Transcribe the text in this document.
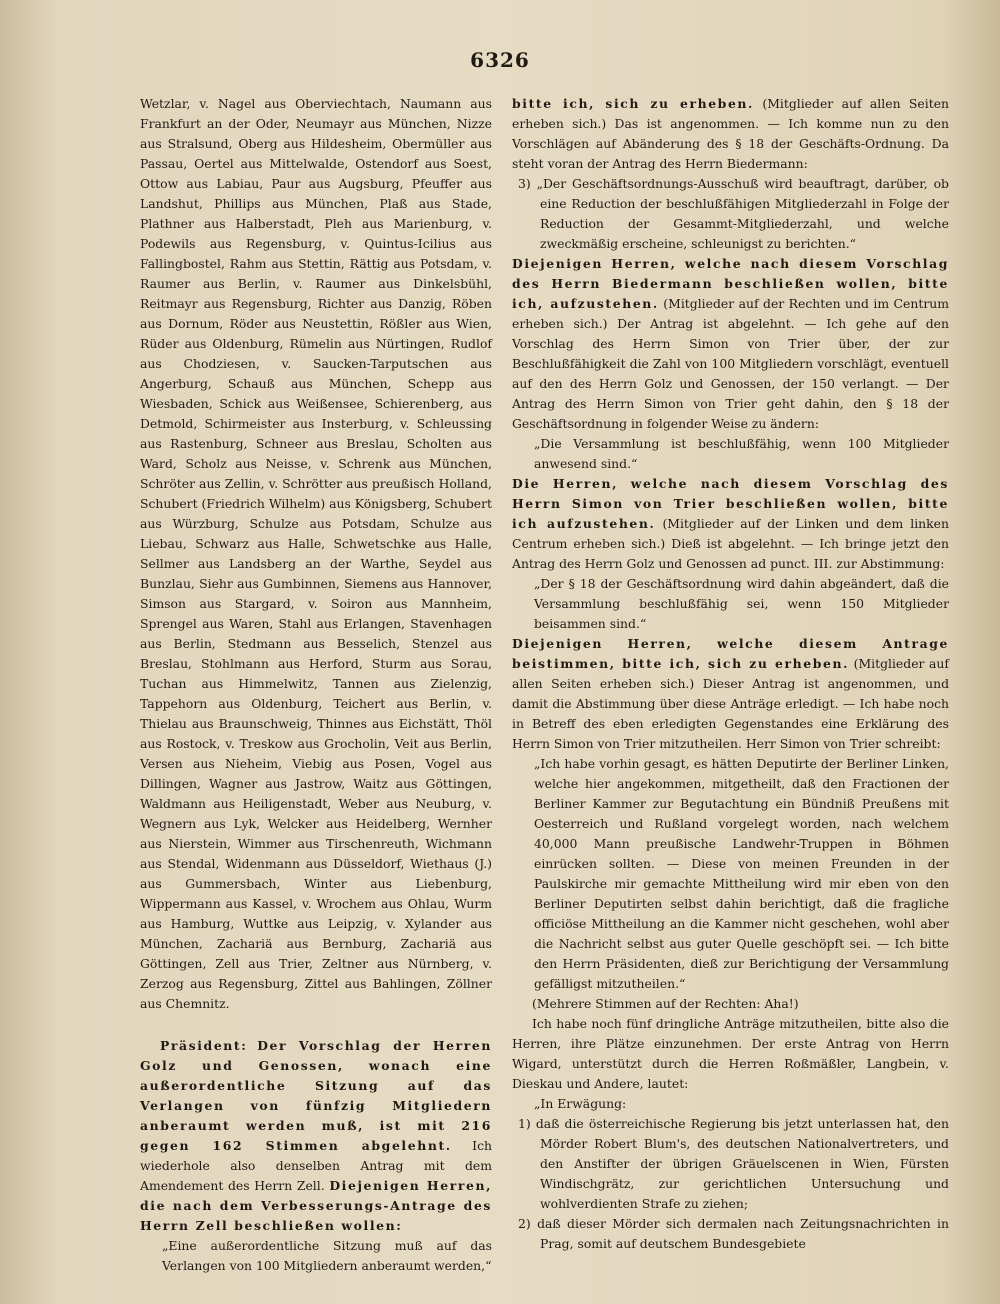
6326

Wetzlar, v. Nagel aus Oberviechtach, Naumann aus Frankfurt an der Oder, Neumayr aus München, Nizze aus Stralsund, Oberg aus Hildesheim, Obermüller aus Passau, Oertel aus Mittelwalde, Ostendorf aus Soest, Ottow aus Labiau, Paur aus Augsburg, Pfeuffer aus Landshut, Phillips aus München, Plaß aus Stade, Plathner aus Halberstadt, Pleh aus Marienburg, v. Podewils aus Regensburg, v. Quintus-Icilius aus Fallingbostel, Rahm aus Stettin, Rättig aus Potsdam, v. Raumer aus Berlin, v. Raumer aus Dinkelsbühl, Reitmayr aus Regensburg, Richter aus Danzig, Röben aus Dornum, Röder aus Neustettin, Rößler aus Wien, Rüder aus Oldenburg, Rümelin aus Nürtingen, Rudlof aus Chodziesen, v. Saucken-Tarputschen aus Angerburg, Schauß aus München, Schepp aus Wiesbaden, Schick aus Weißensee, Schierenberg, aus Detmold, Schirmeister aus Insterburg, v. Schleussing aus Rastenburg, Schneer aus Breslau, Scholten aus Ward, Scholz aus Neisse, v. Schrenk aus München, Schröter aus Zellin, v. Schrötter aus preußisch Holland, Schubert (Friedrich Wilhelm) aus Königsberg, Schubert aus Würzburg, Schulze aus Potsdam, Schulze aus Liebau, Schwarz aus Halle, Schwetschke aus Halle, Sellmer aus Landsberg an der Warthe, Seydel aus Bunzlau, Siehr aus Gumbinnen, Siemens aus Hannover, Simson aus Stargard, v. Soiron aus Mannheim, Sprengel aus Waren, Stahl aus Erlangen, Stavenhagen aus Berlin, Stedmann aus Besselich, Stenzel aus Breslau, Stohlmann aus Herford, Sturm aus Sorau, Tuchan aus Himmelwitz, Tannen aus Zielenzig, Tappehorn aus Oldenburg, Teichert aus Berlin, v. Thielau aus Braunschweig, Thinnes aus Eichstätt, Thöl aus Rostock, v. Treskow aus Grocholin, Veit aus Berlin, Versen aus Nieheim, Viebig aus Posen, Vogel aus Dillingen, Wagner aus Jastrow, Waitz aus Göttingen, Waldmann aus Heiligenstadt, Weber aus Neuburg, v. Wegnern aus Lyk, Welcker aus Heidelberg, Wernher aus Nierstein, Wimmer aus Tirschenreuth, Wichmann aus Stendal, Widenmann aus Düsseldorf, Wiethaus (J.) aus Gummersbach, Winter aus Liebenburg, Wippermann aus Kassel, v. Wrochem aus Ohlau, Wurm aus Hamburg, Wuttke aus Leipzig, v. Xylander aus München, Zachariä aus Bernburg, Zachariä aus Göttingen, Zell aus Trier, Zeltner aus Nürnberg, v. Zerzog aus Regensburg, Zittel aus Bahlingen, Zöllner aus Chemnitz.

Präsident: Der Vorschlag der Herren Golz und Genossen, wonach eine außerordentliche Sitzung auf das Verlangen von fünfzig Mitgliedern anberaumt werden muß, ist mit 216 gegen 162 Stimmen abgelehnt. Ich wiederhole also denselben Antrag mit dem Amendement des Herrn Zell. Diejenigen Herren, die nach dem Verbesserungs-Antrage des Herrn Zell beschließen wollen:

„Eine außerordentliche Sitzung muß auf das Verlangen von 100 Mitgliedern anberaumt werden,“

bitte ich, sich zu erheben. (Mitglieder auf allen Seiten erheben sich.) Das ist angenommen. — Ich komme nun zu den Vorschlägen auf Abänderung des § 18 der Geschäfts-Ordnung. Da steht voran der Antrag des Herrn Biedermann:

3) „Der Geschäftsordnungs-Ausschuß wird beauftragt, darüber, ob eine Reduction der beschlußfähigen Mitgliederzahl in Folge der Reduction der Gesammt-Mitgliederzahl, und welche zweckmäßig erscheine, schleunigst zu berichten.“

Diejenigen Herren, welche nach diesem Vorschlag des Herrn Biedermann beschließen wollen, bitte ich, aufzustehen. (Mitglieder auf der Rechten und im Centrum erheben sich.) Der Antrag ist abgelehnt. — Ich gehe auf den Vorschlag des Herrn Simon von Trier über, der zur Beschlußfähigkeit die Zahl von 100 Mitgliedern vorschlägt, eventuell auf den des Herrn Golz und Genossen, der 150 verlangt. — Der Antrag des Herrn Simon von Trier geht dahin, den § 18 der Geschäftsordnung in folgender Weise zu ändern:

„Die Versammlung ist beschlußfähig, wenn 100 Mitglieder anwesend sind.“

Die Herren, welche nach diesem Vorschlag des Herrn Simon von Trier beschließen wollen, bitte ich aufzustehen. (Mitglieder auf der Linken und dem linken Centrum erheben sich.) Dieß ist abgelehnt. — Ich bringe jetzt den Antrag des Herrn Golz und Genossen ad punct. III. zur Abstimmung:

„Der § 18 der Geschäftsordnung wird dahin abgeändert, daß die Versammlung beschlußfähig sei, wenn 150 Mitglieder beisammen sind.“

Diejenigen Herren, welche diesem Antrage beistimmen, bitte ich, sich zu erheben. (Mitglieder auf allen Seiten erheben sich.) Dieser Antrag ist angenommen, und damit die Abstimmung über diese Anträge erledigt. — Ich habe noch in Betreff des eben erledigten Gegenstandes eine Erklärung des Herrn Simon von Trier mitzutheilen. Herr Simon von Trier schreibt:

„Ich habe vorhin gesagt, es hätten Deputirte der Berliner Linken, welche hier angekommen, mitgetheilt, daß den Fractionen der Berliner Kammer zur Begutachtung ein Bündniß Preußens mit Oesterreich und Rußland vorgelegt worden, nach welchem 40,000 Mann preußische Landwehr-Truppen in Böhmen einrücken sollten. — Diese von meinen Freunden in der Paulskirche mir gemachte Mittheilung wird mir eben von den Berliner Deputirten selbst dahin berichtigt, daß die fragliche officiöse Mittheilung an die Kammer nicht geschehen, wohl aber die Nachricht selbst aus guter Quelle geschöpft sei. — Ich bitte den Herrn Präsidenten, dieß zur Berichtigung der Versammlung gefälligst mitzutheilen.“

(Mehrere Stimmen auf der Rechten: Aha!)

Ich habe noch fünf dringliche Anträge mitzutheilen, bitte also die Herren, ihre Plätze einzunehmen. Der erste Antrag von Herrn Wigard, unterstützt durch die Herren Roßmäßler, Langbein, v. Dieskau und Andere, lautet:

„In Erwägung:

1) daß die österreichische Regierung bis jetzt unterlassen hat, den Mörder Robert Blum's, des deutschen Nationalvertreters, und den Anstifter der übrigen Gräuelscenen in Wien, Fürsten Windischgrätz, zur gerichtlichen Untersuchung und wohlverdienten Strafe zu ziehen;

2) daß dieser Mörder sich dermalen nach Zeitungsnachrichten in Prag, somit auf deutschem Bundesgebiete
